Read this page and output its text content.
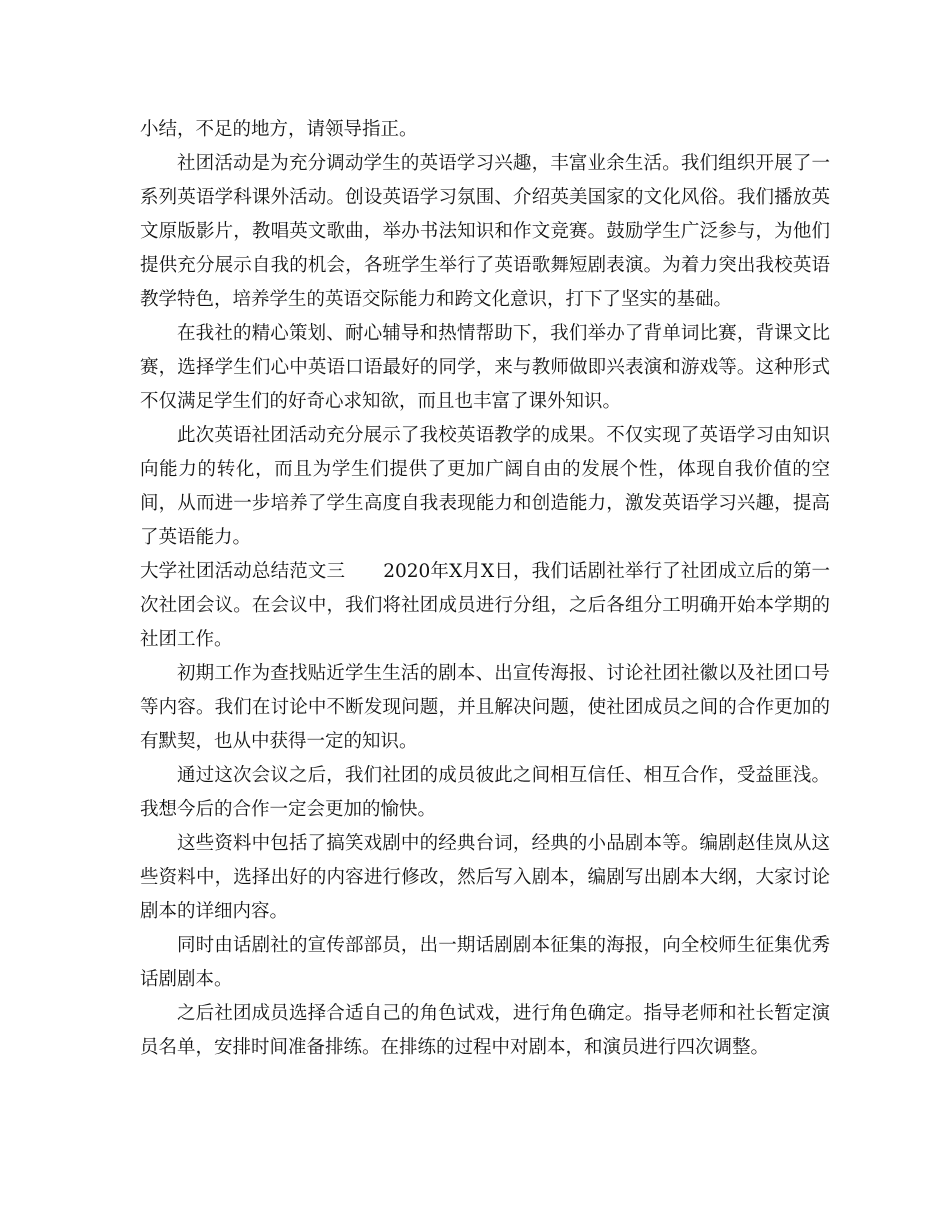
小结，不足的地方，请领导指正。

社团活动是为充分调动学生的英语学习兴趣，丰富业余生活。我们组织开展了一系列英语学科课外活动。创设英语学习氛围、介绍英美国家的文化风俗。我们播放英文原版影片，教唱英文歌曲，举办书法知识和作文竞赛。鼓励学生广泛参与，为他们提供充分展示自我的机会，各班学生举行了英语歌舞短剧表演。为着力突出我校英语教学特色，培养学生的英语交际能力和跨文化意识，打下了坚实的基础。

在我社的精心策划、耐心辅导和热情帮助下，我们举办了背单词比赛，背课文比赛，选择学生们心中英语口语最好的同学，来与教师做即兴表演和游戏等。这种形式不仅满足学生们的好奇心求知欲，而且也丰富了课外知识。

此次英语社团活动充分展示了我校英语教学的成果。不仅实现了英语学习由知识向能力的转化，而且为学生们提供了更加广阔自由的发展个性，体现自我价值的空间，从而进一步培养了学生高度自我表现能力和创造能力，激发英语学习兴趣，提高了英语能力。

大学社团活动总结范文三 2020年X月X日，我们话剧社举行了社团成立后的第一次社团会议。在会议中，我们将社团成员进行分组，之后各组分工明确开始本学期的社团工作。

初期工作为查找贴近学生生活的剧本、出宣传海报、讨论社团社徽以及社团口号等内容。我们在讨论中不断发现问题，并且解决问题，使社团成员之间的合作更加的有默契，也从中获得一定的知识。

通过这次会议之后，我们社团的成员彼此之间相互信任、相互合作，受益匪浅。我想今后的合作一定会更加的愉快。

这些资料中包括了搞笑戏剧中的经典台词，经典的小品剧本等。编剧赵佳岚从这些资料中，选择出好的内容进行修改，然后写入剧本，编剧写出剧本大纲，大家讨论剧本的详细内容。

同时由话剧社的宣传部部员，出一期话剧剧本征集的海报，向全校师生征集优秀话剧剧本。

之后社团成员选择合适自己的角色试戏，进行角色确定。指导老师和社长暂定演员名单，安排时间准备排练。在排练的过程中对剧本，和演员进行四次调整。
